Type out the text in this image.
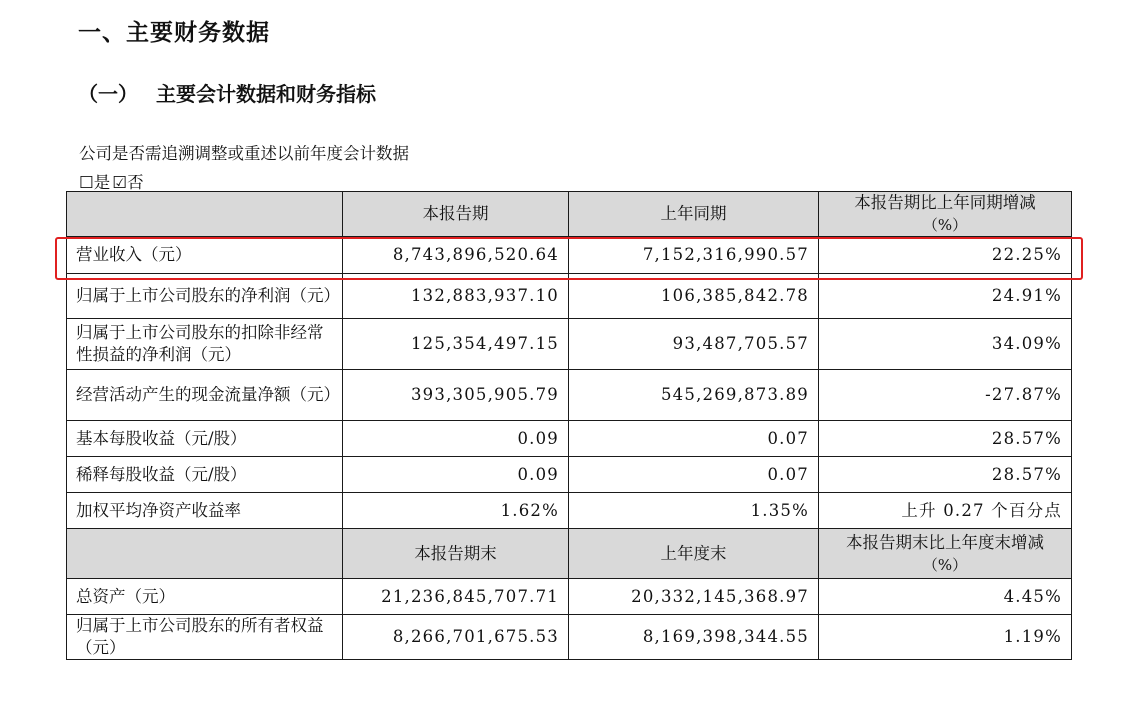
一、主要财务数据
（一） 主要会计数据和财务指标
公司是否需追溯调整或重述以前年度会计数据
☐是 ☑否
	本报告期	上年同期	本报告期比上年同期增减
（%）

营业收入（元）	8,743,896,520.64	7,152,316,990.57	22.25%
归属于上市公司股东的净利润（元）	132,883,937.10	106,385,842.78	24.91%
归属于上市公司股东的扣除非经常性损益的净利润（元）	125,354,497.15	93,487,705.57	34.09%
经营活动产生的现金流量净额（元）	393,305,905.79	545,269,873.89	-27.87%
基本每股收益（元/股）	0.09	0.07	28.57%
稀释每股收益（元/股）	0.09	0.07	28.57%
加权平均净资产收益率	1.62%	1.35%	上升 0.27 个百分点
	本报告期末	上年度末	本报告期末比上年度末增减
（%）

总资产（元）	21,236,845,707.71	20,332,145,368.97	4.45%
归属于上市公司股东的所有者权益（元）	8,266,701,675.53	8,169,398,344.55	1.19%
